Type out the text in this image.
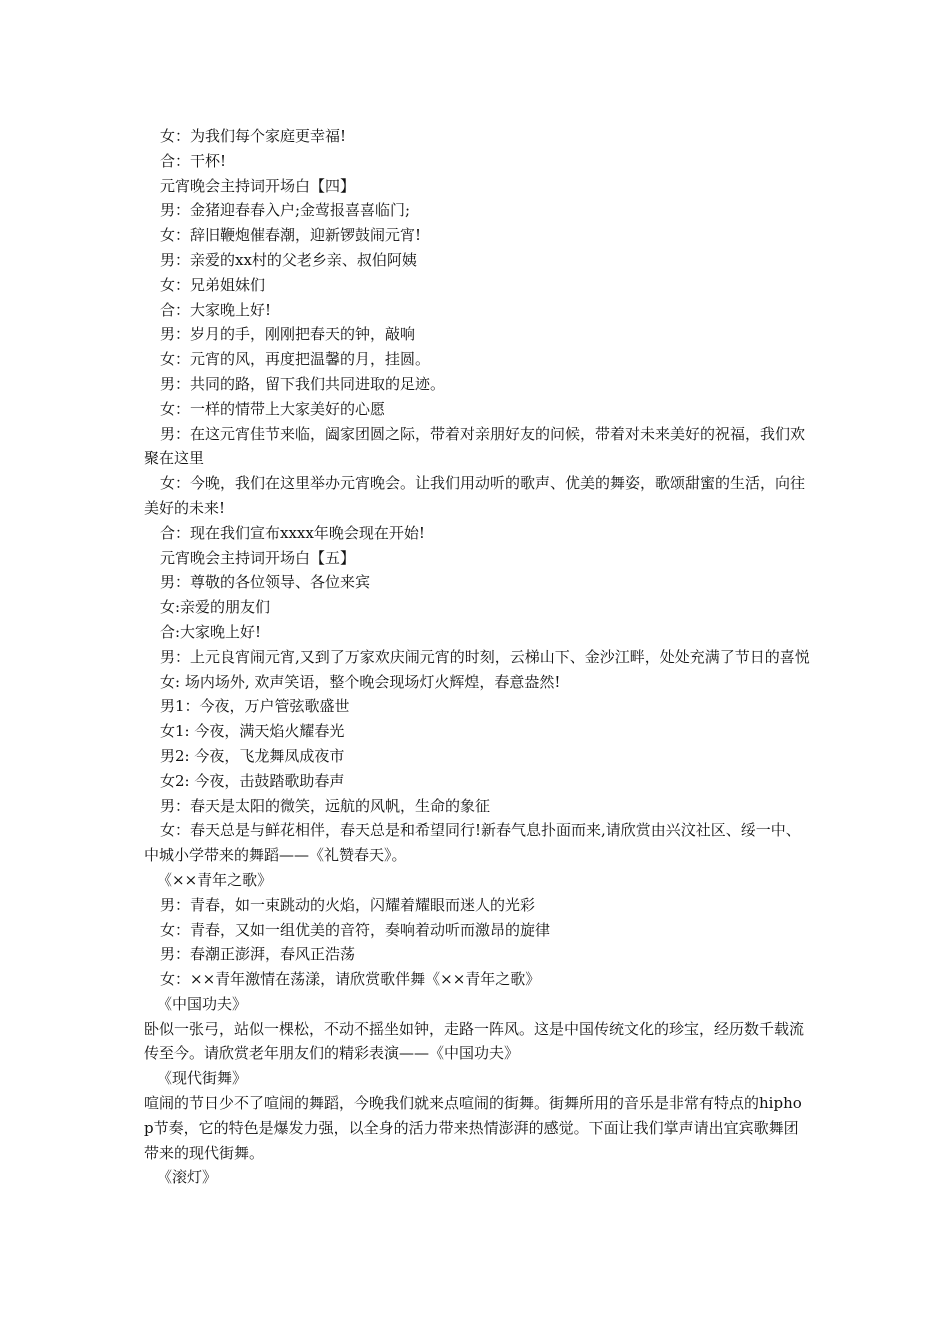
女：为我们每个家庭更幸福!

合：干杯!

元宵晚会主持词开场白【四】

男：金猪迎春春入户;金莺报喜喜临门;

女：辞旧鞭炮催春潮，迎新锣鼓闹元宵!

男：亲爱的xx村的父老乡亲、叔伯阿姨

女：兄弟姐妹们

合：大家晚上好!

男：岁月的手，刚刚把春天的钟，敲响

女：元宵的风，再度把温馨的月，挂圆。

男：共同的路，留下我们共同进取的足迹。

女：一样的情带上大家美好的心愿

男：在这元宵佳节来临，阖家团圆之际，带着对亲朋好友的问候，带着对未来美好的祝福，我们欢聚在这里

女：今晚，我们在这里举办元宵晚会。让我们用动听的歌声、优美的舞姿，歌颂甜蜜的生活，向往美好的未来!

合：现在我们宣布xxxx年晚会现在开始!

元宵晚会主持词开场白【五】

男：尊敬的各位领导、各位来宾

女:亲爱的朋友们

合:大家晚上好!

男：上元良宵闹元宵,又到了万家欢庆闹元宵的时刻，云梯山下、金沙江畔，处处充满了节日的喜悦

女: 场内场外, 欢声笑语，整个晚会现场灯火辉煌，春意盎然!

男1：今夜，万户管弦歌盛世

女1: 今夜，满天焰火耀春光

男2: 今夜，飞龙舞凤成夜市

女2: 今夜，击鼓踏歌助春声

男：春天是太阳的微笑，远航的风帆，生命的象征

女：春天总是与鲜花相伴，春天总是和希望同行!新春气息扑面而来,请欣赏由兴汶社区、绥一中、中城小学带来的舞蹈——《礼赞春天》。

《××青年之歌》

男：青春，如一束跳动的火焰，闪耀着耀眼而迷人的光彩

女：青春，又如一组优美的音符，奏响着动听而激昂的旋律

男：春潮正澎湃，春风正浩荡

女：××青年激情在荡漾，请欣赏歌伴舞《××青年之歌》

《中国功夫》

卧似一张弓，站似一棵松，不动不摇坐如钟，走路一阵风。这是中国传统文化的珍宝，经历数千载流传至今。请欣赏老年朋友们的精彩表演——《中国功夫》

《现代街舞》

喧闹的节日少不了喧闹的舞蹈，今晚我们就来点喧闹的街舞。街舞所用的音乐是非常有特点的hiphop节奏，它的特色是爆发力强，以全身的活力带来热情澎湃的感觉。下面让我们掌声请出宜宾歌舞团带来的现代街舞。

《滚灯》
